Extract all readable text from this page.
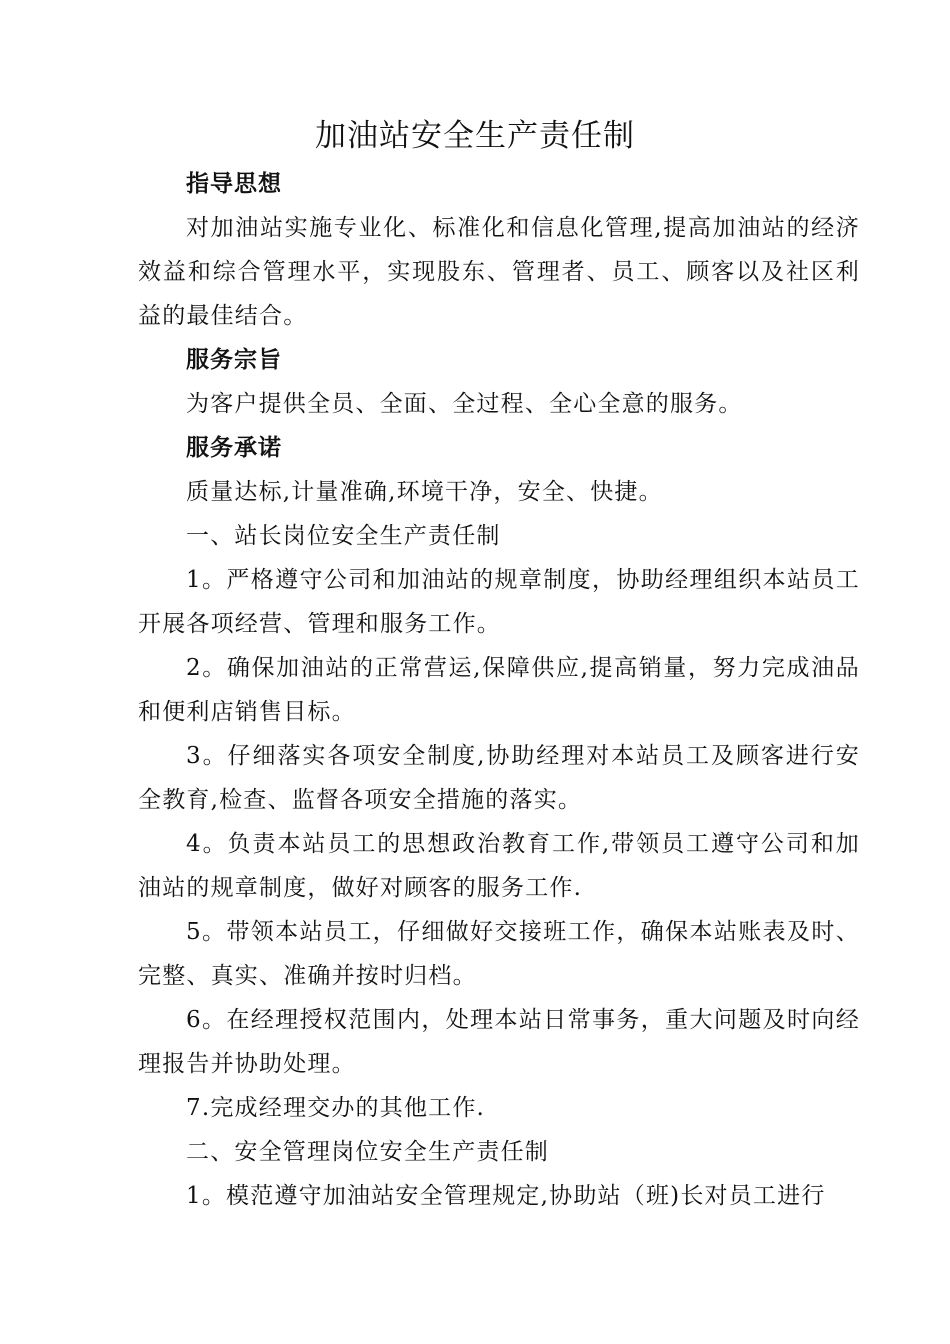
加油站安全生产责任制
指导思想
对加油站实施专业化、标准化和信息化管理,提高加油站的经济效益和综合管理水平，实现股东、管理者、员工、顾客以及社区利益的最佳结合。
服务宗旨
为客户提供全员、全面、全过程、全心全意的服务。
服务承诺
质量达标,计量准确,环境干净，安全、快捷。
一、站长岗位安全生产责任制
1。严格遵守公司和加油站的规章制度，协助经理组织本站员工开展各项经营、管理和服务工作。
2。确保加油站的正常营运,保障供应,提高销量，努力完成油品和便利店销售目标。
3。仔细落实各项安全制度,协助经理对本站员工及顾客进行安全教育,检查、监督各项安全措施的落实。
4。负责本站员工的思想政治教育工作,带领员工遵守公司和加油站的规章制度，做好对顾客的服务工作.
5。带领本站员工，仔细做好交接班工作，确保本站账表及时、完整、真实、准确并按时归档。
6。在经理授权范围内，处理本站日常事务，重大问题及时向经理报告并协助处理。
7.完成经理交办的其他工作.
二、安全管理岗位安全生产责任制
1。模范遵守加油站安全管理规定,协助站（班)长对员工进行
